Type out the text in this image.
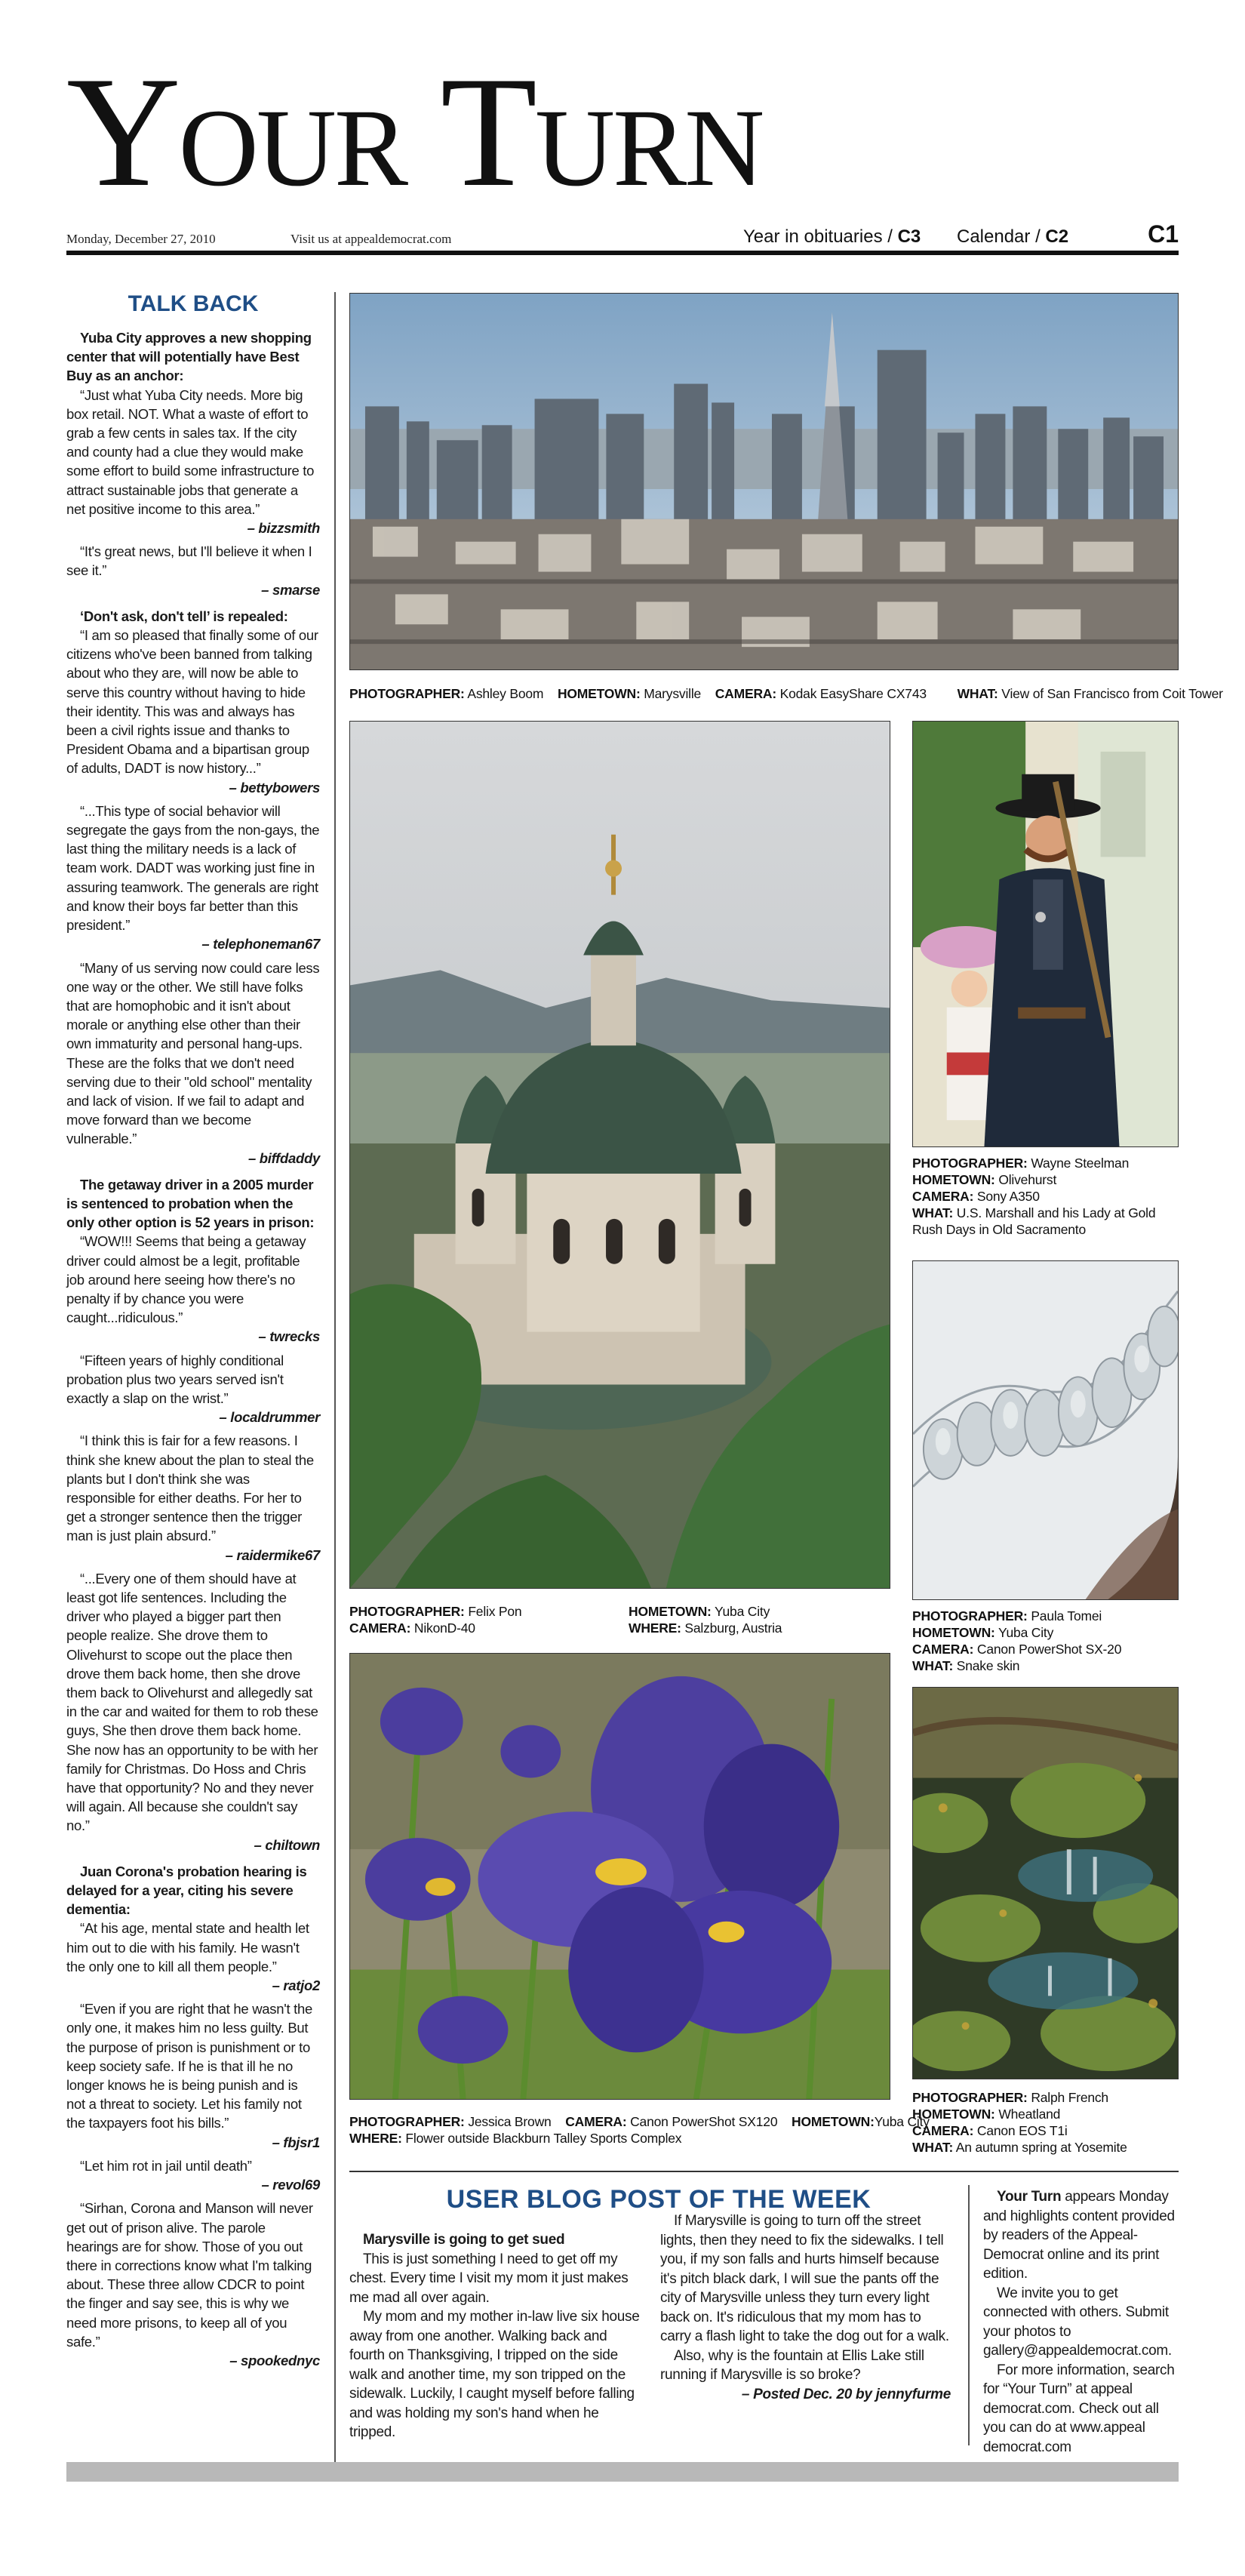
Your Turn
Monday, December 27, 2010	Visit us at appealdemocrat.com	Year in obituaries / C3 Calendar / C2	C1
TALK BACK
Yuba City approves a new shopping center that will potentially have Best Buy as an anchor:
“Just what Yuba City needs. More big box retail. NOT. What a waste of effort to grab a few cents in sales tax. If the city and county had a clue they would make some effort to build some infrastructure to attract sustainable jobs that generate a net positive income to this area.”
– bizzsmith
“It's great news, but I'll believe it when I see it.”
– smarse
‘Don't ask, don't tell’ is repealed:
“I am so pleased that finally some of our citizens who've been banned from talking about who they are, will now be able to serve this country without having to hide their identity. This was and always has been a civil rights issue and thanks to President Obama and a bipartisan group of adults, DADT is now history...”
– bettybowers
“...This type of social behavior will segregate the gays from the non-gays, the last thing the military needs is a lack of team work. DADT was working just fine in assuring teamwork. The generals are right and know their boys far better than this president.”
– telephoneman67
“Many of us serving now could care less one way or the other. We still have folks that are homophobic and it isn't about morale or anything else other than their own immaturity and personal hang-ups. These are the folks that we don't need serving due to their "old school" mentality and lack of vision. If we fail to adapt and move forward than we become vulnerable.”
– biffdaddy
The getaway driver in a 2005 murder is sentenced to probation when the only other option is 52 years in prison:
“WOW!!! Seems that being a getaway driver could almost be a legit, profitable job around here seeing how there's no penalty if by chance you were caught...ridiculous.”
– twrecks
“Fifteen years of highly conditional probation plus two years served isn't exactly a slap on the wrist.”
– localdrummer
“I think this is fair for a few reasons. I think she knew about the plan to steal the plants but I don't think she was responsible for either deaths. For her to get a stronger sentence then the trigger man is just plain absurd.”
– raidermike67
“...Every one of them should have at least got life sentences. Including the driver who played a bigger part then people realize. She drove them to Olivehurst to scope out the place then drove them back home, then she drove them back to Olivehurst and allegedly sat in the car and waited for them to rob these guys, She then drove them back home. She now has an opportunity to be with her family for Christmas. Do Hoss and Chris have that opportunity? No and they never will again. All because she couldn't say no.”
– chiltown
Juan Corona's probation hearing is delayed for a year, citing his severe dementia:
“At his age, mental state and health let him out to die with his family. He wasn't the only one to kill all them people.”
– ratjo2
“Even if you are right that he wasn't the only one, it makes him no less guilty. But the purpose of prison is punishment or to keep society safe. If he is that ill he no longer knows he is being punish and is not a threat to society. Let his family not the taxpayers foot his bills.”
– fbjsr1
“Let him rot in jail until death”
– revol69
“Sirhan, Corona and Manson will never get out of prison alive. The parole hearings are for show. Those of you out there in corrections know what I'm talking about. These three allow CDCR to point the finger and say see, this is why we need more prisons, to keep all of you safe.”
– spookednyc
PHOTOGRAPHER: Ashley Boom HOMETOWN: Marysville CAMERA: Kodak EasyShare CX743 WHAT: View of San Francisco from Coit Tower
PHOTOGRAPHER: Felix Pon
CAMERA: NikonD-40
HOMETOWN: Yuba City
WHERE: Salzburg, Austria
PHOTOGRAPHER: Wayne Steelman
HOMETOWN: Olivehurst
CAMERA: Sony A350
WHAT: U.S. Marshall and his Lady at Gold Rush Days in Old Sacramento
PHOTOGRAPHER: Paula Tomei
HOMETOWN: Yuba City
CAMERA: Canon PowerShot SX-20
WHAT: Snake skin
PHOTOGRAPHER: Jessica Brown CAMERA: Canon PowerShot SX120 HOMETOWN:Yuba City
WHERE: Flower outside Blackburn Talley Sports Complex
PHOTOGRAPHER: Ralph French
HOMETOWN: Wheatland
CAMERA: Canon EOS T1i
WHAT: An autumn spring at Yosemite
USER BLOG POST OF THE WEEK
Marysville is going to get sued

This is just something I need to get off my chest. Every time I visit my mom it just makes me mad all over again.

My mom and my mother in-law live six house away from one another. Walking back and fourth on Thanksgiving, I tripped on the side walk and another time, my son tripped on the sidewalk. Luckily, I caught myself before falling and was holding my son's hand when he tripped.

If Marysville is going to turn off the street lights, then they need to fix the sidewalks. I tell you, if my son falls and hurts himself because it's pitch black dark, I will sue the pants off the city of Marysville unless they turn every light back on. It's ridiculous that my mom has to carry a flash light to take the dog out for a walk.

Also, why is the fountain at Ellis Lake still running if Marysville is so broke?

– Posted Dec. 20 by jennyfurme

Your Turn appears Monday and highlights content provided by readers of the Appeal-Democrat online and its print edition.

We invite you to get connected with others. Submit your photos to gallery@appealdemocrat.com.

For more information, search for “Your Turn” at appeal democrat.com. Check out all you can do at www.appeal democrat.com
